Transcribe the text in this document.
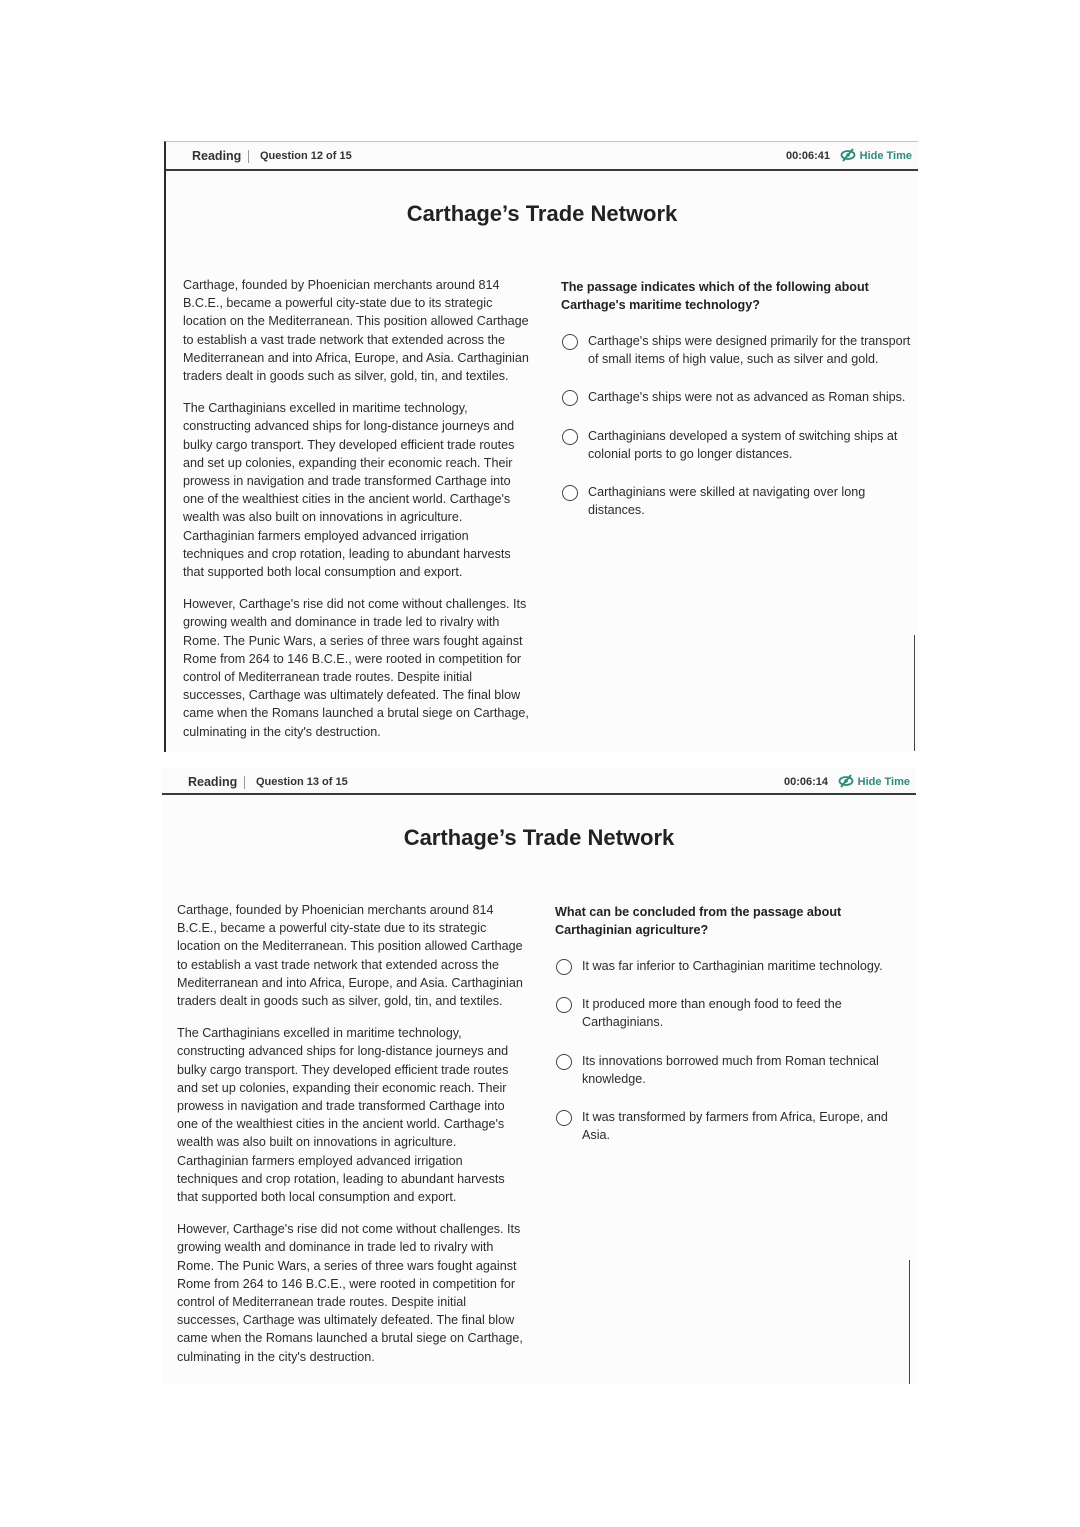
Reading Question 12 of 15	00:06:41	Hide Time
Carthage’s Trade Network

Carthage, founded by Phoenician merchants around 814 B.C.E., became a powerful city-state due to its strategic location on the Mediterranean. This position allowed Carthage to establish a vast trade network that extended across the Mediterranean and into Africa, Europe, and Asia. Carthaginian traders dealt in goods such as silver, gold, tin, and textiles.

The Carthaginians excelled in maritime technology, constructing advanced ships for long-distance journeys and bulky cargo transport. They developed efficient trade routes and set up colonies, expanding their economic reach. Their prowess in navigation and trade transformed Carthage into one of the wealthiest cities in the ancient world. Carthage's wealth was also built on innovations in agriculture. Carthaginian farmers employed advanced irrigation techniques and crop rotation, leading to abundant harvests that supported both local consumption and export.

However, Carthage's rise did not come without challenges. Its growing wealth and dominance in trade led to rivalry with Rome. The Punic Wars, a series of three wars fought against Rome from 264 to 146 B.C.E., were rooted in competition for control of Mediterranean trade routes. Despite initial successes, Carthage was ultimately defeated. The final blow came when the Romans launched a brutal siege on Carthage, culminating in the city's destruction.

The passage indicates which of the following about Carthage's maritime technology?
Carthage's ships were designed primarily for the transport of small items of high value, such as silver and gold.
Carthage's ships were not as advanced as Roman ships.
Carthaginians developed a system of switching ships at colonial ports to go longer distances.
Carthaginians were skilled at navigating over long distances.
Reading Question 13 of 15	00:06:14	Hide Time
Carthage’s Trade Network

Carthage, founded by Phoenician merchants around 814 B.C.E., became a powerful city-state due to its strategic location on the Mediterranean. This position allowed Carthage to establish a vast trade network that extended across the Mediterranean and into Africa, Europe, and Asia. Carthaginian traders dealt in goods such as silver, gold, tin, and textiles.

The Carthaginians excelled in maritime technology, constructing advanced ships for long-distance journeys and bulky cargo transport. They developed efficient trade routes and set up colonies, expanding their economic reach. Their prowess in navigation and trade transformed Carthage into one of the wealthiest cities in the ancient world. Carthage's wealth was also built on innovations in agriculture. Carthaginian farmers employed advanced irrigation techniques and crop rotation, leading to abundant harvests that supported both local consumption and export.

However, Carthage's rise did not come without challenges. Its growing wealth and dominance in trade led to rivalry with Rome. The Punic Wars, a series of three wars fought against Rome from 264 to 146 B.C.E., were rooted in competition for control of Mediterranean trade routes. Despite initial successes, Carthage was ultimately defeated. The final blow came when the Romans launched a brutal siege on Carthage, culminating in the city's destruction.

What can be concluded from the passage about Carthaginian agriculture?
It was far inferior to Carthaginian maritime technology.
It produced more than enough food to feed the Carthaginians.
Its innovations borrowed much from Roman technical knowledge.
It was transformed by farmers from Africa, Europe, and Asia.
